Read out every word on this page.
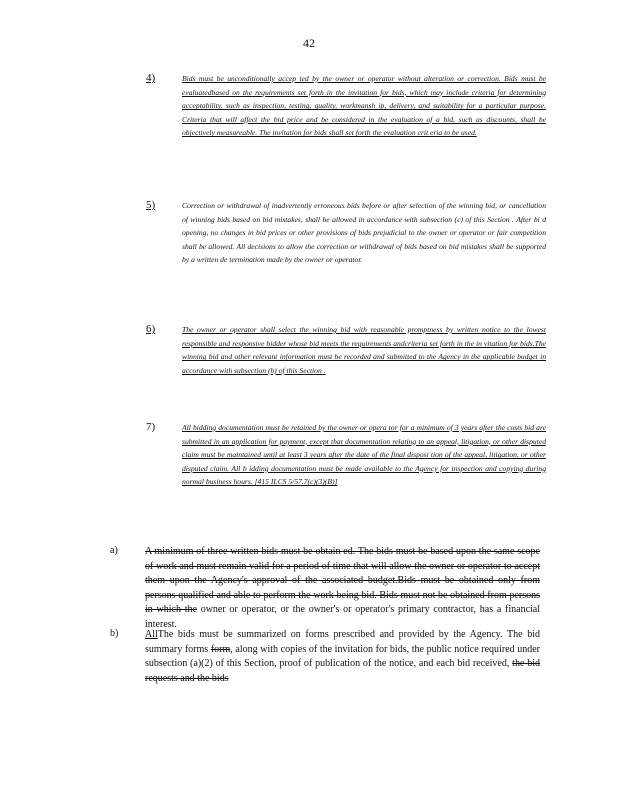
42
4)	Bids must be unconditionally accep ted by the owner or operator without alteration or correction. Bids must be evaluatedbased on the requirements set forth in the invitation for bids, which may include criteria for determining acceptability, such as inspection, testing, quality, workmansh ip, delivery, and suitability for a particular purpose. Criteria that will affect the bid price and be considered in the evaluation of a bid, such as discounts, shall be objectively measureable. The invitation for bids shall set forth the evaluation crit eria to be used.
5)	Correction or withdrawal of inadvertently erroneous bids before or after selection of the winning bid, or cancellation of winning bids based on bid mistakes, shall be allowed in accordance with subsection (c) of this Section . After bi d opening, no changes in bid prices or other provisions of bids prejudicial to the owner or operator or fair competition shall be allowed. All decisions to allow the correction or withdrawal of bids based on bid mistakes shall be supported by a written de termination made by the owner or operator.
6)	The owner or operator shall select the winning bid with reasonable promptness by written notice to the lowest responsible and responsive bidder whose bid meets the requirements andcriteria set forth in the in vitation for bids.The winning bid and other relevant information must be recorded and submitted to the Agency in the applicable budget in accordance with subsection (b) of this Section .
7)	All bidding documentation must be retained by the owner or opera tor for a minimum of 3 years after the costs bid are submitted in an application for payment, except that documentation relating to an appeal, litigation, or other disputed claim must be maintained until at least 3 years after the date of the final disposi tion of the appeal, litigation, or other disputed claim. All b idding documentation must be made available to the Agency for inspection and copying during normal business hours. [415 ILCS 5/57.7(c)(3)(B)]
a)	A minimum of three written bids must be obtain ed. The bids must be based upon the same scope of work and must remain valid for a period of time that will allow the owner or operator to accept them upon the Agency's approval of the associated budget.Bids must be obtained only from persons qualified and able to perform the work being bid. Bids must not be obtained from persons in which the owner or operator, or the owner's or operator's primary contractor, has a financial interest.
b)	AllThe bids must be summarized on forms prescribed and provided by the Agency. The bid summary forms form, along with copies of the invitation for bids, the public notice required under subsection (a)(2) of this Section, proof of publication of the notice, and each bid received, the bid requests and the bids
